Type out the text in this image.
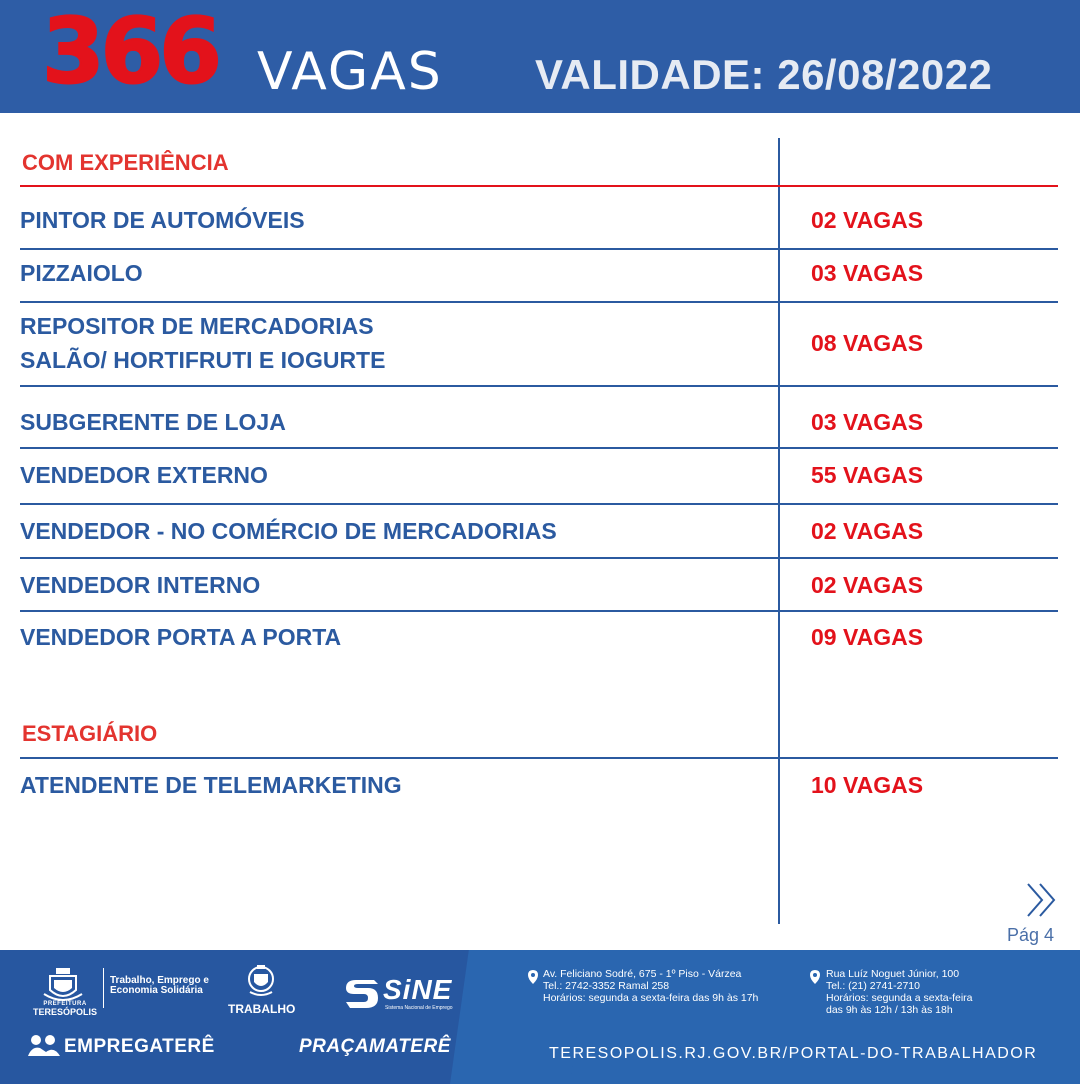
366 VAGAS VALIDADE: 26/08/2022
COM EXPERIÊNCIA
PINTOR DE AUTOMÓVEIS	02 VAGAS
PIZZAIOLO	03 VAGAS
REPOSITOR DE MERCADORIAS
SALÃO/ HORTIFRUTI E IOGURTE
08 VAGAS
SUBGERENTE DE LOJA	03 VAGAS
VENDEDOR EXTERNO	55 VAGAS
VENDEDOR - NO COMÉRCIO DE MERCADORIAS	02 VAGAS
VENDEDOR INTERNO	02 VAGAS
VENDEDOR PORTA A PORTA	09 VAGAS
ESTAGIÁRIO
ATENDENTE DE TELEMARKETING	10 VAGAS
Pág 4
PREFEITURA
TERESÓPOLIS
Trabalho, Emprego e Economia Solidária
TRABALHO
SiNE
Sistema Nacional de Emprego
EMPREGATERÊ	PRAÇAMATERÊ
Av. Feliciano Sodré, 675 - 1º Piso - Várzea
Tel.: 2742-3352 Ramal 258
Horários: segunda a sexta-feira das 9h às 17h
Rua Luíz Noguet Júnior, 100
Tel.: (21) 2741-2710
Horários: segunda a sexta-feira
das 9h às 12h / 13h às 18h
TERESOPOLIS.RJ.GOV.BR/PORTAL-DO-TRABALHADOR
